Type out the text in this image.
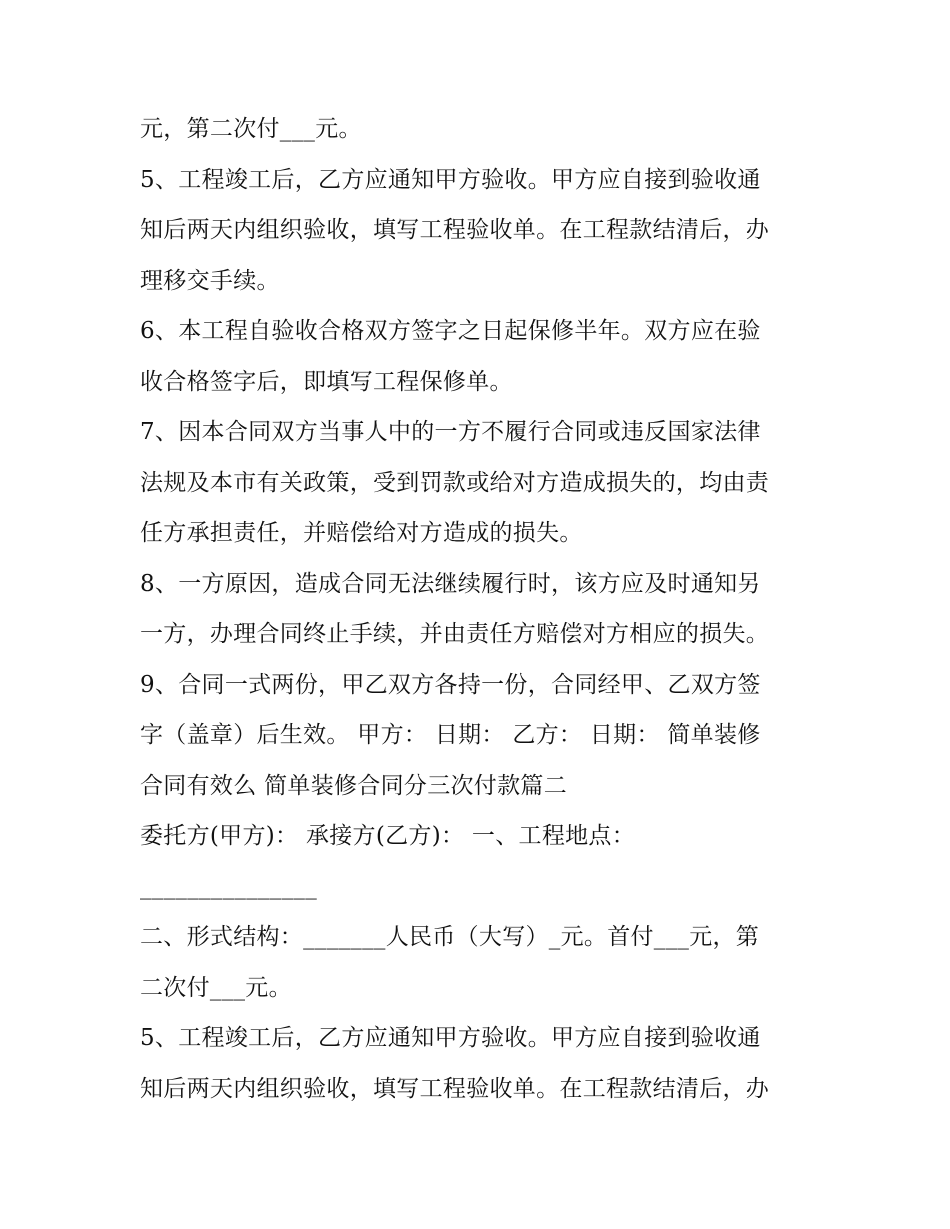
元，第二次付___元。
5、工程竣工后，乙方应通知甲方验收。甲方应自接到验收通
知后两天内组织验收，填写工程验收单。在工程款结清后，办
理移交手续。
6、本工程自验收合格双方签字之日起保修半年。双方应在验
收合格签字后，即填写工程保修单。
7、因本合同双方当事人中的一方不履行合同或违反国家法律
法规及本市有关政策，受到罚款或给对方造成损失的，均由责
任方承担责任，并赔偿给对方造成的损失。
8、一方原因，造成合同无法继续履行时，该方应及时通知另
一方，办理合同终止手续，并由责任方赔偿对方相应的损失。
9、合同一式两份，甲乙双方各持一份，合同经甲、乙双方签
字（盖章）后生效。 甲方： 日期： 乙方： 日期： 简单装修
合同有效么 简单装修合同分三次付款篇二
委托方(甲方)： 承接方(乙方)： 一、工程地点：
_______________
二、形式结构：_______人民币（大写）_元。首付___元，第
二次付___元。
5、工程竣工后，乙方应通知甲方验收。甲方应自接到验收通
知后两天内组织验收，填写工程验收单。在工程款结清后，办
